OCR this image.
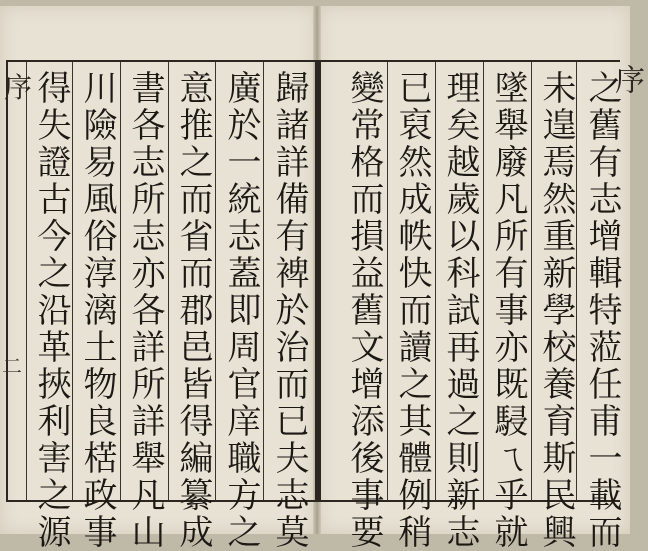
之舊有志增輯特蒞任甫一載而
未遑焉然重新學校養育斯民興
墜舉廢凡所有事亦既駸ㄟ乎就
理矣越歲以科試再過之則新志
已裒然成帙快而讀之其體例稍
變常格而損益舊文增添後事要	序
歸諸詳備有裨於治而已夫志莫
廣於一統志蓋即周官庠職方之
意推之而省而郡邑皆得編纂成
書各志所志亦各詳所詳舉凡山
川險易風俗淳漓土物良楛政事
得失證古今之沿革挾利害之源
序
二
